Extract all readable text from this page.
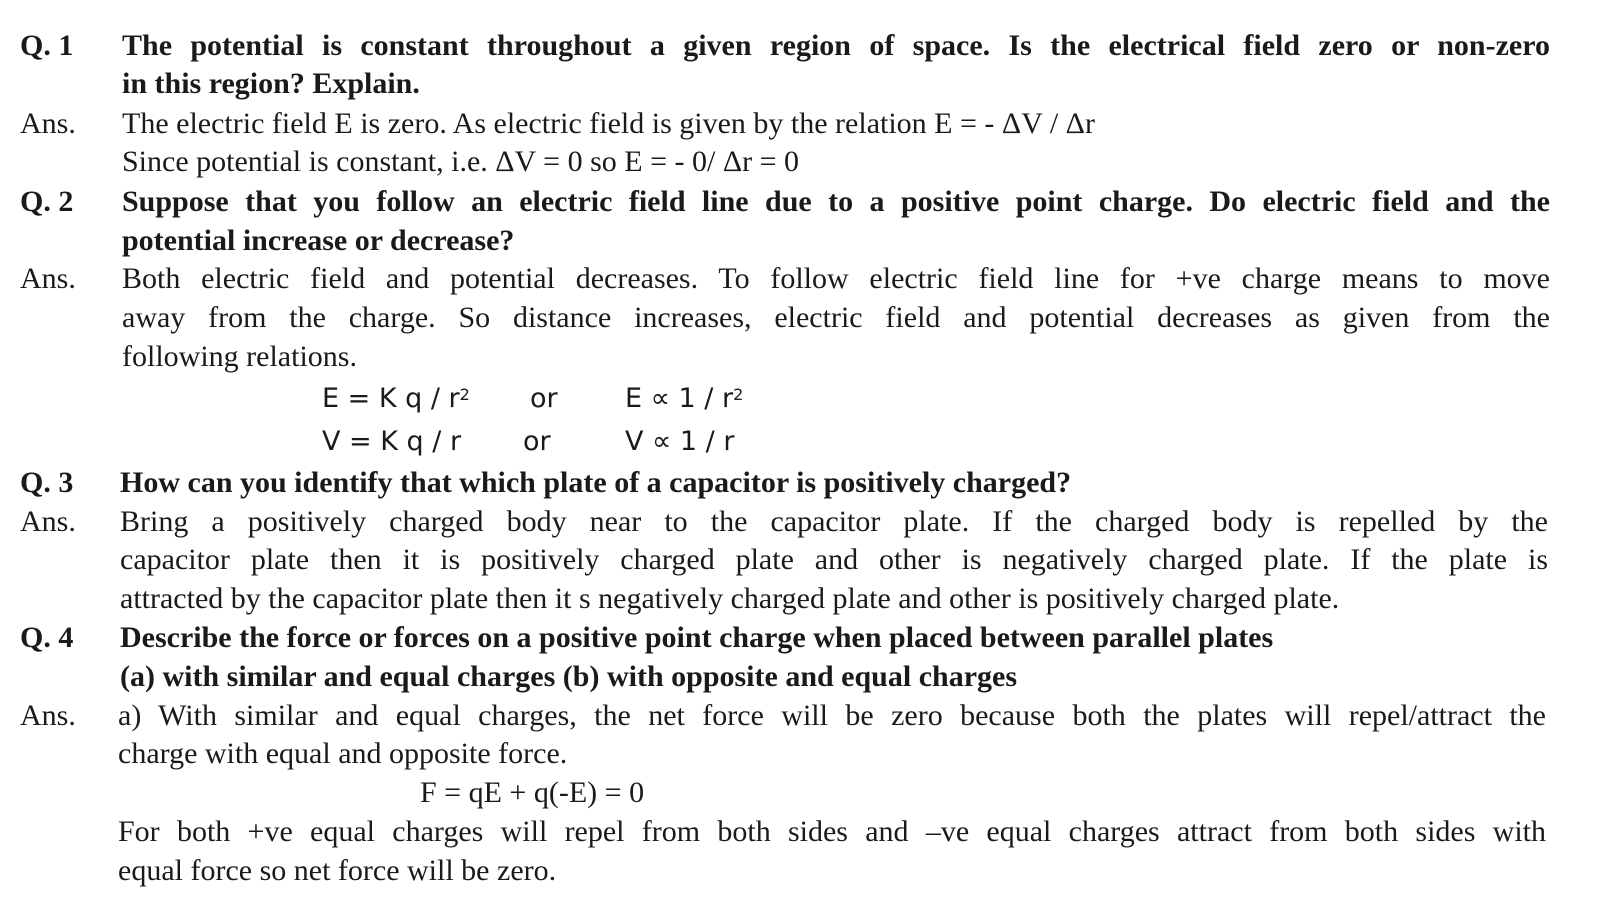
Q. 1 The potential is constant throughout a given region of space. Is the electrical field zero or non-zero
in this region? Explain.
Ans. The electric field E is zero. As electric field is given by the relation E = - ΔV / Δr
Since potential is constant, i.e. ΔV = 0 so E = - 0/ Δr = 0
Q. 2 Suppose that you follow an electric field line due to a positive point charge. Do electric field and the
potential increase or decrease?
Ans. Both electric field and potential decreases. To follow electric field line for +ve charge means to move
away from the charge. So distance increases, electric field and potential decreases as given from the
following relations.
E = K q / $r^2$ or $E \propto 1 / r^2$
V = K q / r or	V ∝ 1 / r
Q. 3 How can you identify that which plate of a capacitor is positively charged?
Ans. Bring a positively charged body near to the capacitor plate. If the charged body is repelled by the
capacitor plate then it is positively charged plate and other is negatively charged plate. If the plate is
attracted by the capacitor plate then it s negatively charged plate and other is positively charged plate.
Q. 4 Describe the force or forces on a positive point charge when placed between parallel plates
(a) with similar and equal charges (b) with opposite and equal charges
Ans. a) With similar and equal charges, the net force will be zero because both the plates will repel/attract the
charge with equal and opposite force.
F = qE + q(-E) = 0
For both +ve equal charges will repel from both sides and –ve equal charges attract from both sides with
equal force so net force will be zero.
